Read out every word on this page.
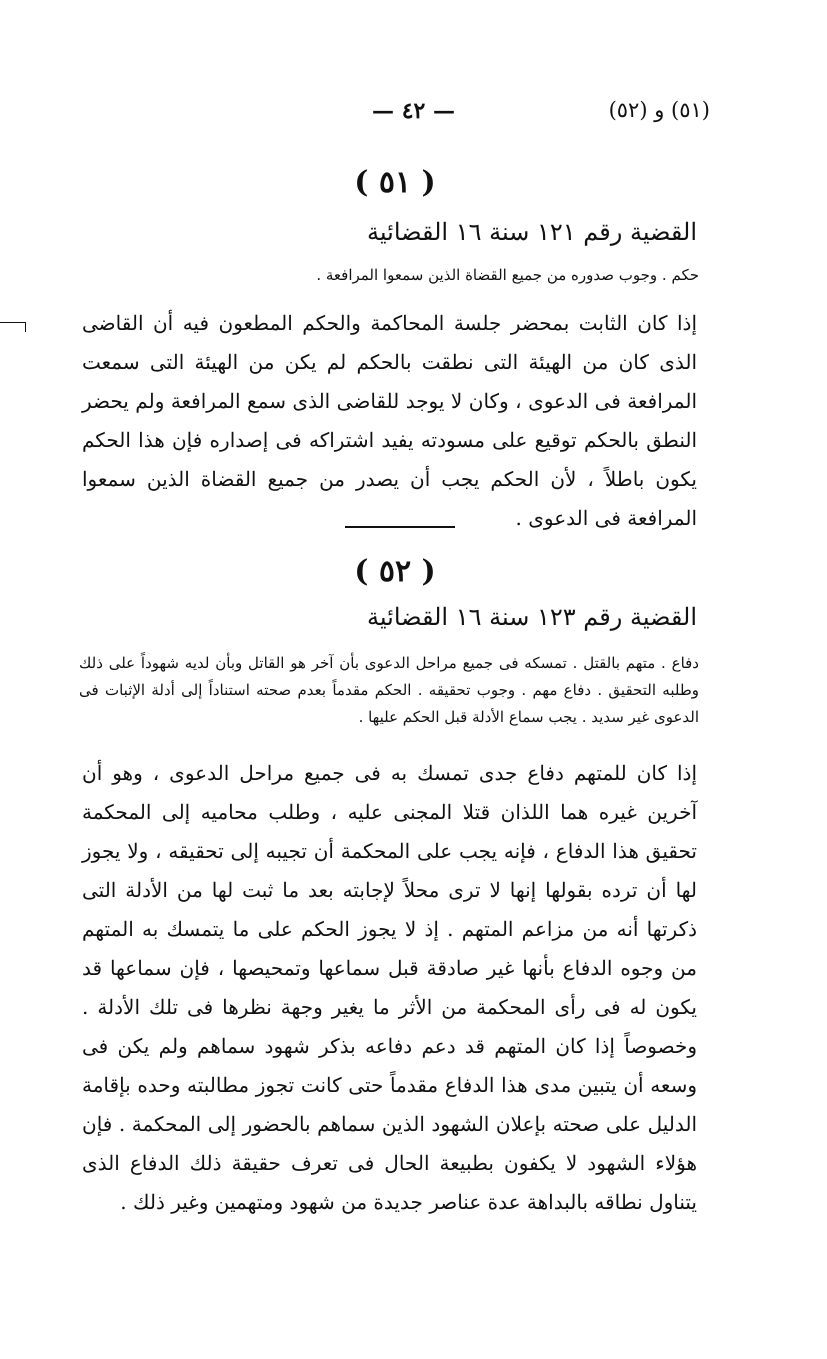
(٥١) و (٥٢)
— ٤٢ —
( ٥١ )
القضية رقم ١٢١ سنة ١٦ القضائية
حكم . وجوب صدوره من جميع القضاة الذين سمعوا المرافعة .
إذا كان الثابت بمحضر جلسة المحاكمة والحكم المطعون فيه أن القاضى الذى كان من الهيئة التى نطقت بالحكم لم يكن من الهيئة التى سمعت المرافعة فى الدعوى ، وكان لا يوجد للقاضى الذى سمع المرافعة ولم يحضر النطق بالحكم توقيع على مسودته يفيد اشتراكه فى إصداره فإن هذا الحكم يكون باطلاً ، لأن الحكم يجب أن يصدر من جميع القضاة الذين سمعوا المرافعة فى الدعوى .
( ٥٢ )
القضية رقم ١٢٣ سنة ١٦ القضائية
دفاع . متهم بالقتل . تمسكه فى جميع مراحل الدعوى بأن آخر هو القاتل وبأن لديه شهوداً على ذلك وطلبه التحقيق . دفاع مهم . وجوب تحقيقه . الحكم مقدماً بعدم صحته استناداً إلى أدلة الإثبات فى الدعوى غير سديد . يجب سماع الأدلة قبل الحكم عليها .
إذا كان للمتهم دفاع جدى تمسك به فى جميع مراحل الدعوى ، وهو أن آخرين غيره هما اللذان قتلا المجنى عليه ، وطلب محاميه إلى المحكمة تحقيق هذا الدفاع ، فإنه يجب على المحكمة أن تجيبه إلى تحقيقه ، ولا يجوز لها أن ترده بقولها إنها لا ترى محلاً لإجابته بعد ما ثبت لها من الأدلة التى ذكرتها أنه من مزاعم المتهم . إذ لا يجوز الحكم على ما يتمسك به المتهم من وجوه الدفاع بأنها غير صادقة قبل سماعها وتمحيصها ، فإن سماعها قد يكون له فى رأى المحكمة من الأثر ما يغير وجهة نظرها فى تلك الأدلة . وخصوصاً إذا كان المتهم قد دعم دفاعه بذكر شهود سماهم ولم يكن فى وسعه أن يتبين مدى هذا الدفاع مقدماً حتى كانت تجوز مطالبته وحده بإقامة الدليل على صحته بإعلان الشهود الذين سماهم بالحضور إلى المحكمة . فإن هؤلاء الشهود لا يكفون بطبيعة الحال فى تعرف حقيقة ذلك الدفاع الذى يتناول نطاقه بالبداهة عدة عناصر جديدة من شهود ومتهمين وغير ذلك .
